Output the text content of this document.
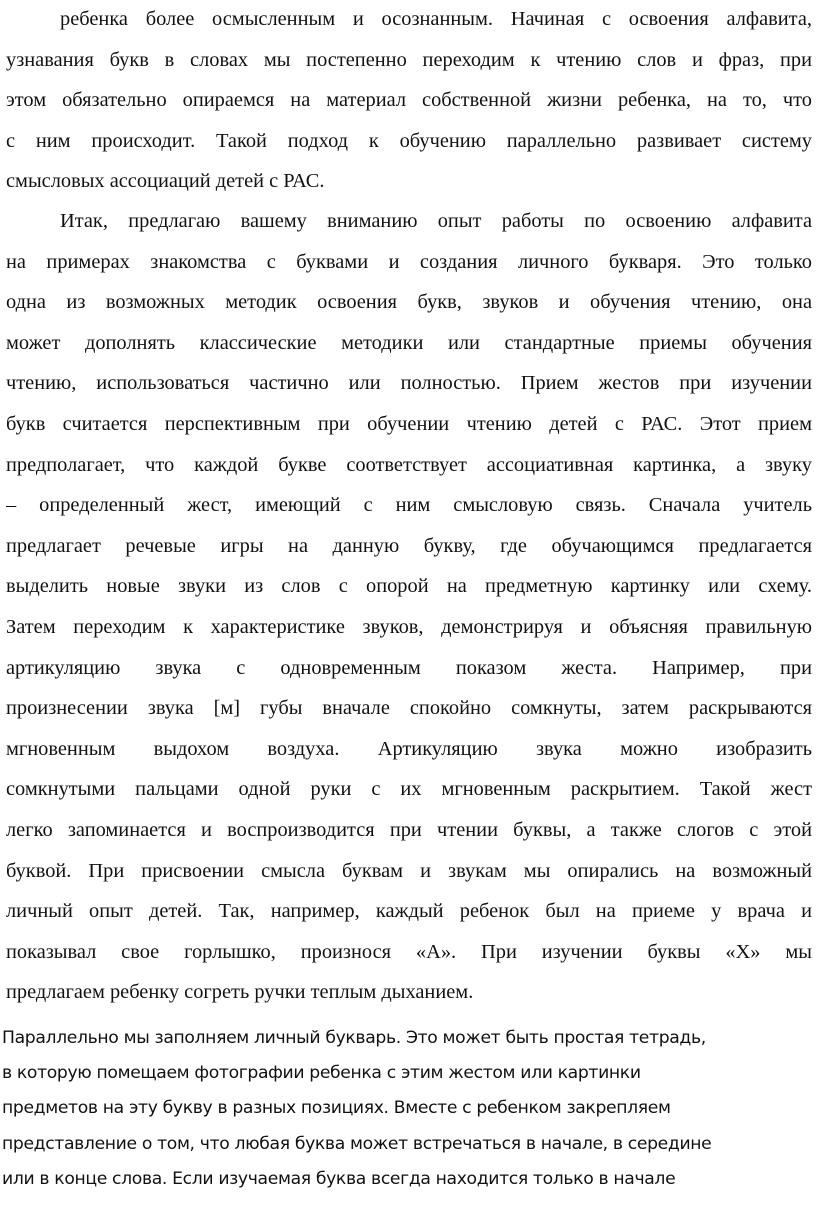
ребенка более осмысленным и осознанным. Начиная с освоения алфавита,
узнавания букв в словах мы постепенно переходим к чтению слов и фраз, при
этом обязательно опираемся на материал собственной жизни ребенка, на то, что
с ним происходит. Такой подход к обучению параллельно развивает систему
смысловых ассоциаций детей с РАС.
Итак, предлагаю вашему вниманию опыт работы по освоению алфавита
на примерах знакомства с буквами и создания личного букваря. Это только
одна из возможных методик освоения букв, звуков и обучения чтению, она
может дополнять классические методики или стандартные приемы обучения
чтению, использоваться частично или полностью. Прием жестов при изучении
букв считается перспективным при обучении чтению детей с РАС. Этот прием
предполагает, что каждой букве соответствует ассоциативная картинка, а звуку
– определенный жест, имеющий с ним смысловую связь. Сначала учитель
предлагает речевые игры на данную букву, где обучающимся предлагается
выделить новые звуки из слов с опорой на предметную картинку или схему.
Затем переходим к характеристике звуков, демонстрируя и объясняя правильную
артикуляцию звука с одновременным показом жеста. Например, при
произнесении звука [м] губы вначале спокойно сомкнуты, затем раскрываются
мгновенным выдохом воздуха. Артикуляцию звука можно изобразить
сомкнутыми пальцами одной руки с их мгновенным раскрытием. Такой жест
легко запоминается и воспроизводится при чтении буквы, а также слогов с этой
буквой. При присвоении смысла буквам и звукам мы опирались на возможный
личный опыт детей. Так, например, каждый ребенок был на приеме у врача и
показывал свое горлышко, произнося «А». При изучении буквы «Х» мы
предлагаем ребенку согреть ручки теплым дыханием.
Параллельно мы заполняем личный букварь. Это может быть простая тетрадь,
в которую помещаем фотографии ребенка с этим жестом или картинки
предметов на эту букву в разных позициях. Вместе с ребенком закрепляем
представление о том, что любая буква может встречаться в начале, в середине
или в конце слова. Если изучаемая буква всегда находится только в начале
